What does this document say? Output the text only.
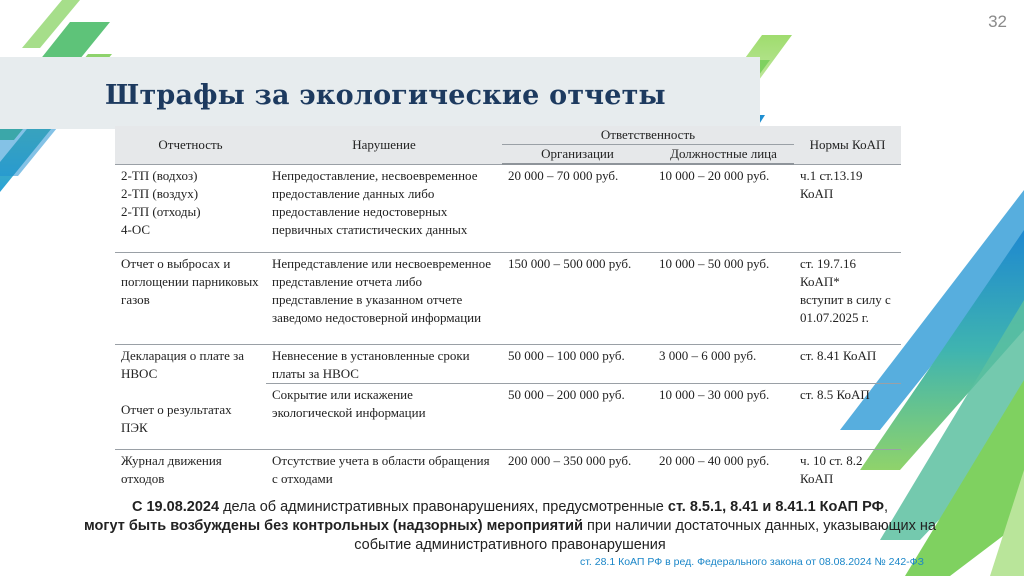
Штрафы за экологические отчеты
32
Отчетность	Нарушение	Ответственность		Нормы КоАП
		Организации	Должностные лица	
2-ТП (водхоз)
2-ТП (воздух)
2-ТП (отходы)
4-ОС	Непредоставление, несвоевременное предоставление данных либо предоставление недостоверных первичных статистических данных	20 000 – 70 000 руб.	10 000 – 20 000 руб.	ч.1 ст.13.19 КоАП
Отчет о выбросах и поглощении парниковых газов	Непредставление или несвоевременное представление отчета либо представление в указанном отчете заведомо недостоверной информации	150 000 – 500 000 руб.	10 000 – 50 000 руб.	ст. 19.7.16 КоАП*
вступит в силу с 01.07.2025 г.
Декларация о плате за НВОС	Невнесение в установленные сроки платы за НВОС	50 000 – 100 000 руб.	3 000 – 6 000 руб.	ст. 8.41 КоАП
Отчет о результатах ПЭК	Сокрытие или искажение экологической информации	50 000 – 200 000 руб.	10 000 – 30 000 руб.	ст. 8.5 КоАП
Журнал движения отходов	Отсутствие учета в области обращения с отходами	200 000 – 350 000 руб.	20 000 – 40 000 руб.	ч. 10 ст. 8.2 КоАП
С 19.08.2024 дела об административных правонарушениях, предусмотренные ст. 8.5.1, 8.41 и 8.41.1 КоАП РФ,
могут быть возбуждены без контрольных (надзорных) мероприятий при наличии достаточных данных, указывающих на событие административного правонарушения
ст. 28.1 КоАП РФ в ред. Федерального закона от 08.08.2024 № 242-ФЗ
